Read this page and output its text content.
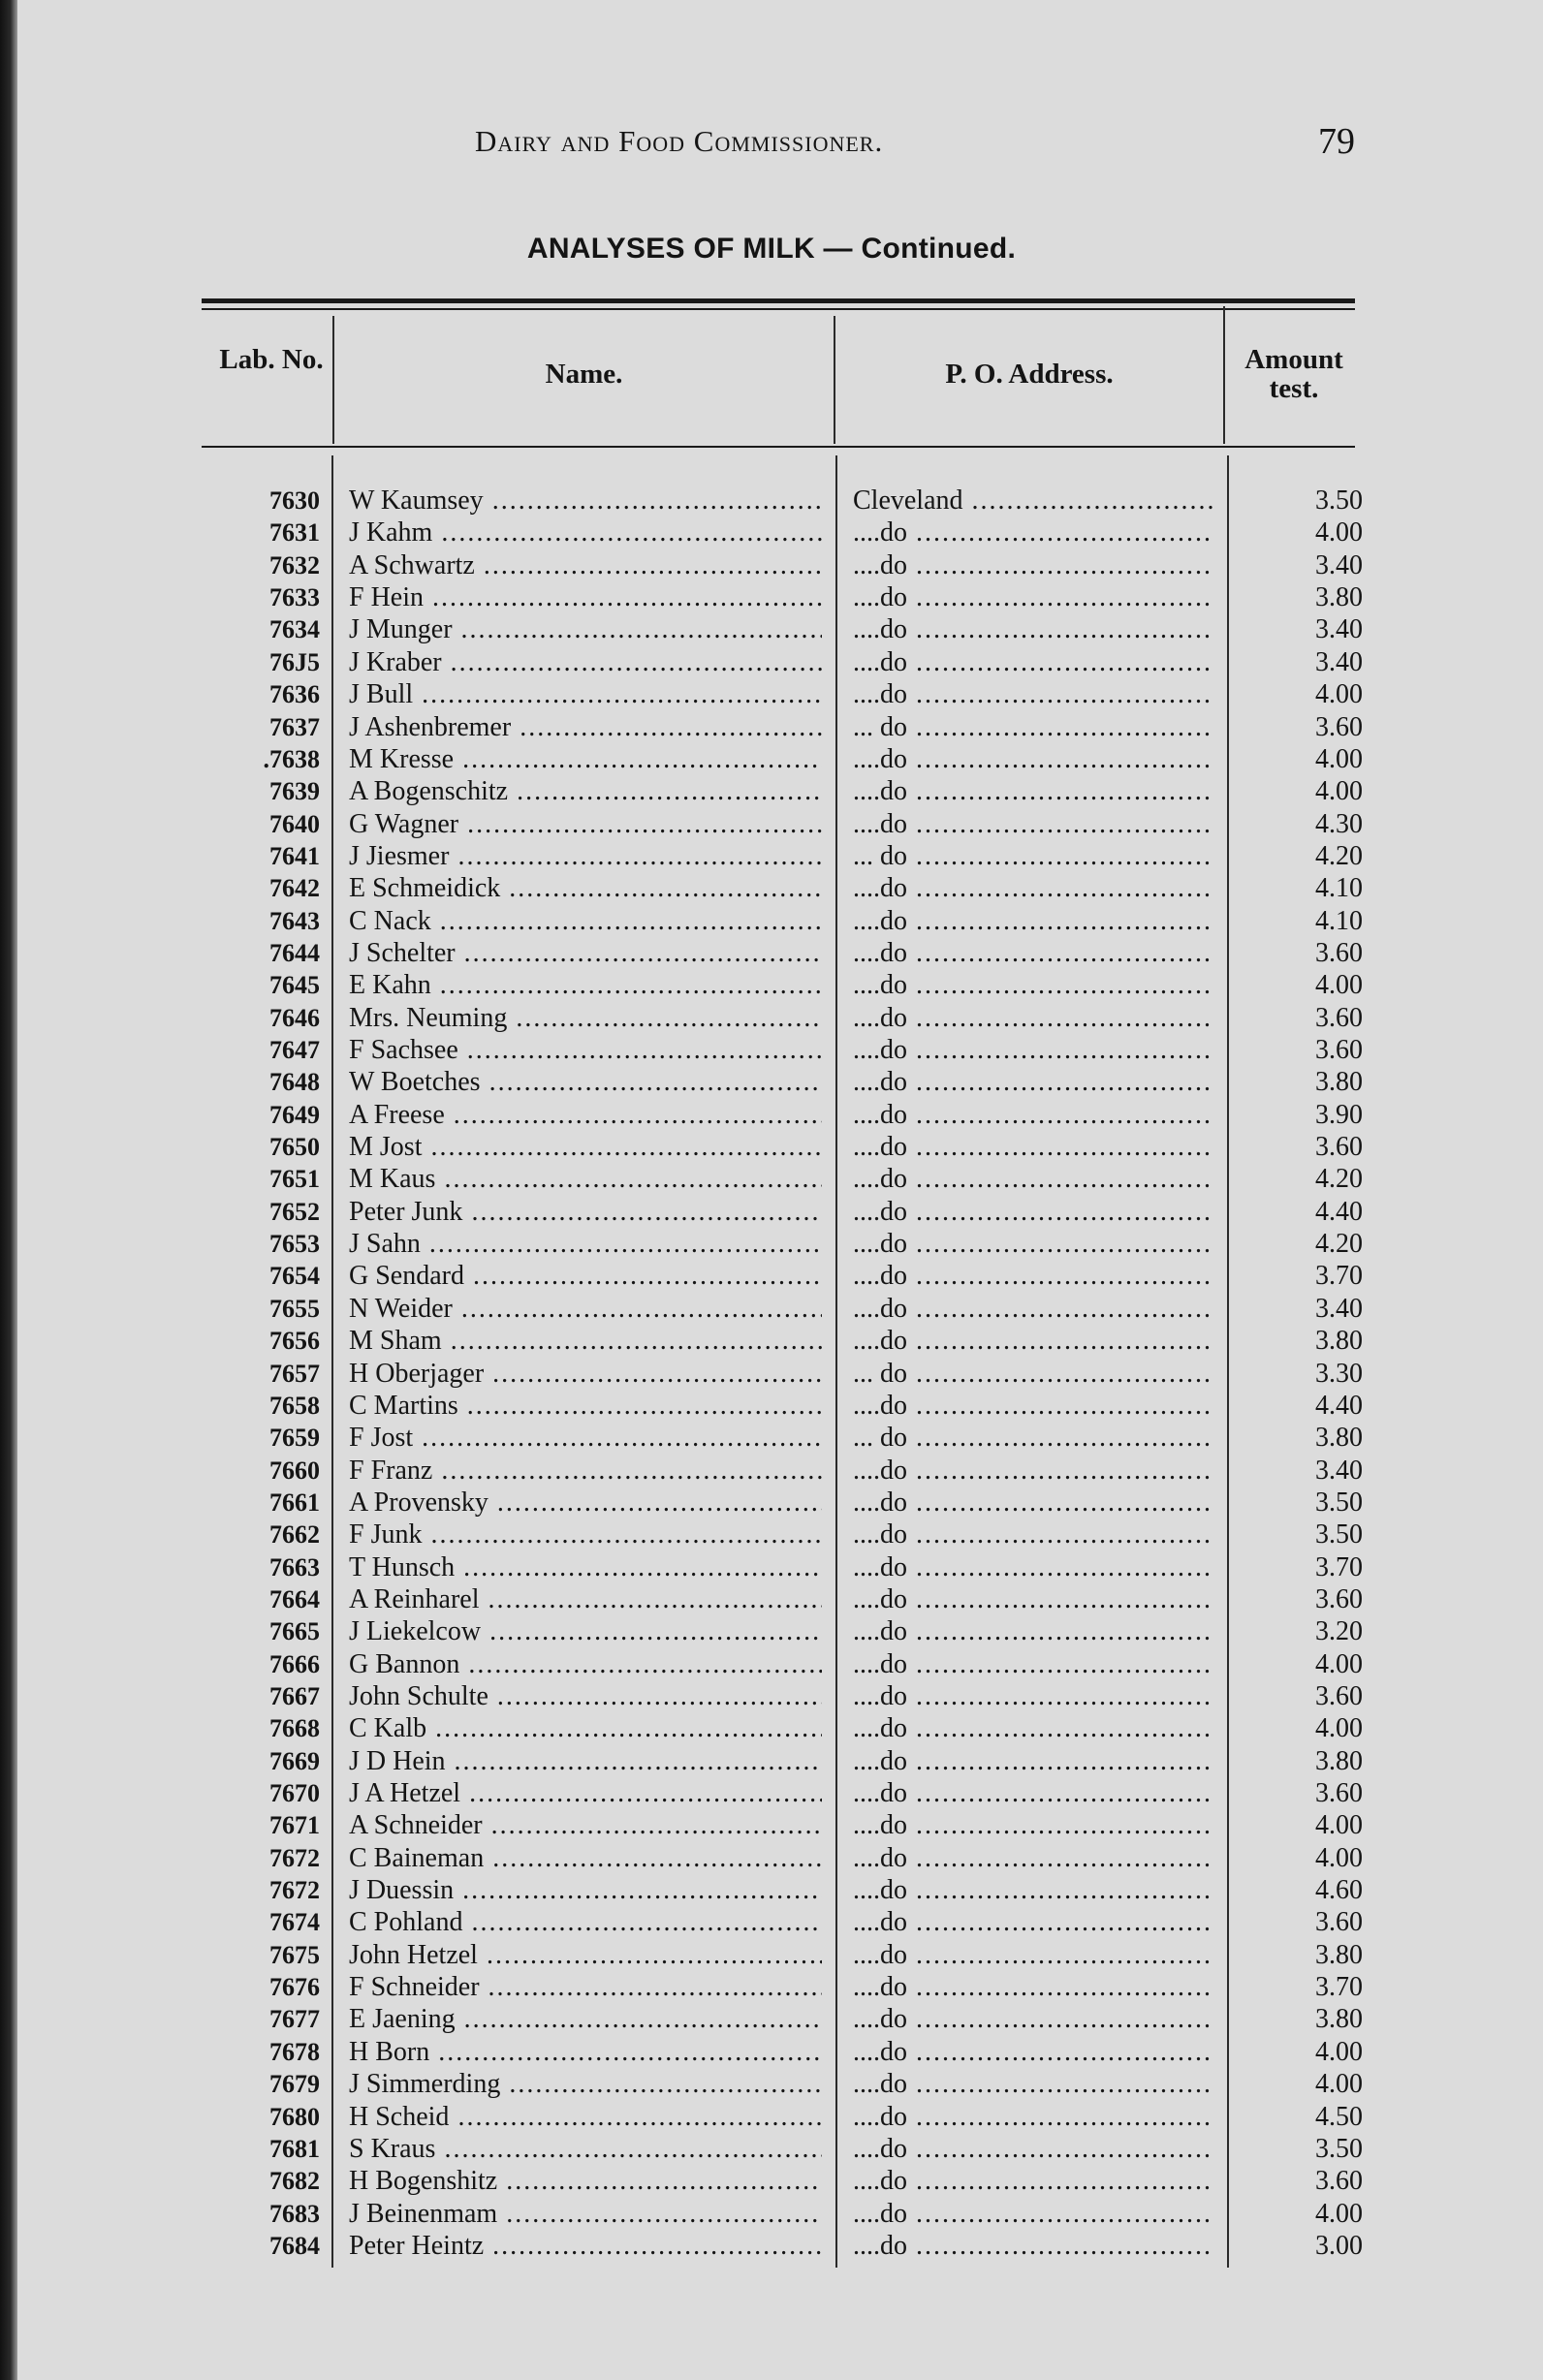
Dairy and Food Commissioner.	79
ANALYSES OF MILK — Continued.
Lab. No.	Name.	P. O. Address.	Amount test.
7630 W Kaumsey .....	Cleveland .....	3.50
7631 J Kahm .....	....do .....	4.00
7632 A Schwartz .....	....do .....	3.40
7633 F Hein .....	....do .....	3.80
7634 J Munger .....	....do .....	3.40
76J5 J Kraber .....	....do .....	3.40
7636 J Bull .....	....do .....	4.00
7637 J Ashenbremer .....	... do .....	3.60
.7638 M Kresse .....	....do .....	4.00
7639 A Bogenschitz .....	....do .....	4.00
7640 G Wagner .....	....do .....	4.30
7641 J Jiesmer .....	... do .....	4.20
7642 E Schmeidick .....	....do .....	4.10
7643 C Nack .....	....do .....	4.10
7644 J Schelter .....	....do .....	3.60
7645 E Kahn .....	....do .....	4.00
7646 Mrs. Neuming .....	....do .....	3.60
7647 F Sachsee .....	....do .....	3.60
7648 W Boetches .....	....do .....	3.80
7649 A Freese .....	....do .....	3.90
7650 M Jost .....	....do .....	3.60
7651 M Kaus .....	....do .....	4.20
7652 Peter Junk .....	....do .....	4.40
7653 J Sahn .....	....do .....	4.20
7654 G Sendard .....	....do .....	3.70
7655 N Weider .....	....do .....	3.40
7656 M Sham .....	....do .....	3.80
7657 H Oberjager .....	... do .....	3.30
7658 C Martins .....	....do .....	4.40
7659 F Jost .....	... do .....	3.80
7660 F Franz .....	....do .....	3.40
7661 A Provensky .....	....do .....	3.50
7662 F Junk .....	....do .....	3.50
7663 T Hunsch .....	....do .....	3.70
7664 A Reinharel .....	....do .....	3.60
7665 J Liekelcow .....	....do .....	3.20
7666 G Bannon .....	....do .....	4.00
7667 John Schulte .....	....do .....	3.60
7668 C Kalb .....	....do .....	4.00
7669 J D Hein .....	....do .....	3.80
7670 J A Hetzel .....	....do .....	3.60
7671 A Schneider .....	....do .....	4.00
7672 C Baineman .....	....do .....	4.00
7672 J Duessin .....	....do .....	4.60
7674 C Pohland .....	....do .....	3.60
7675 John Hetzel .....	....do .....	3.80
7676 F Schneider .....	....do .....	3.70
7677 E Jaening .....	....do .....	3.80
7678 H Born .....	....do .....	4.00
7679 J Simmerding .....	....do .....	4.00
7680 H Scheid .....	....do .....	4.50
7681 S Kraus .....	....do .....	3.50
7682 H Bogenshitz .....	....do .....	3.60
7683 J Beinenmam .....	....do .....	4.00
7684 Peter Heintz .....	....do .....	3.00
